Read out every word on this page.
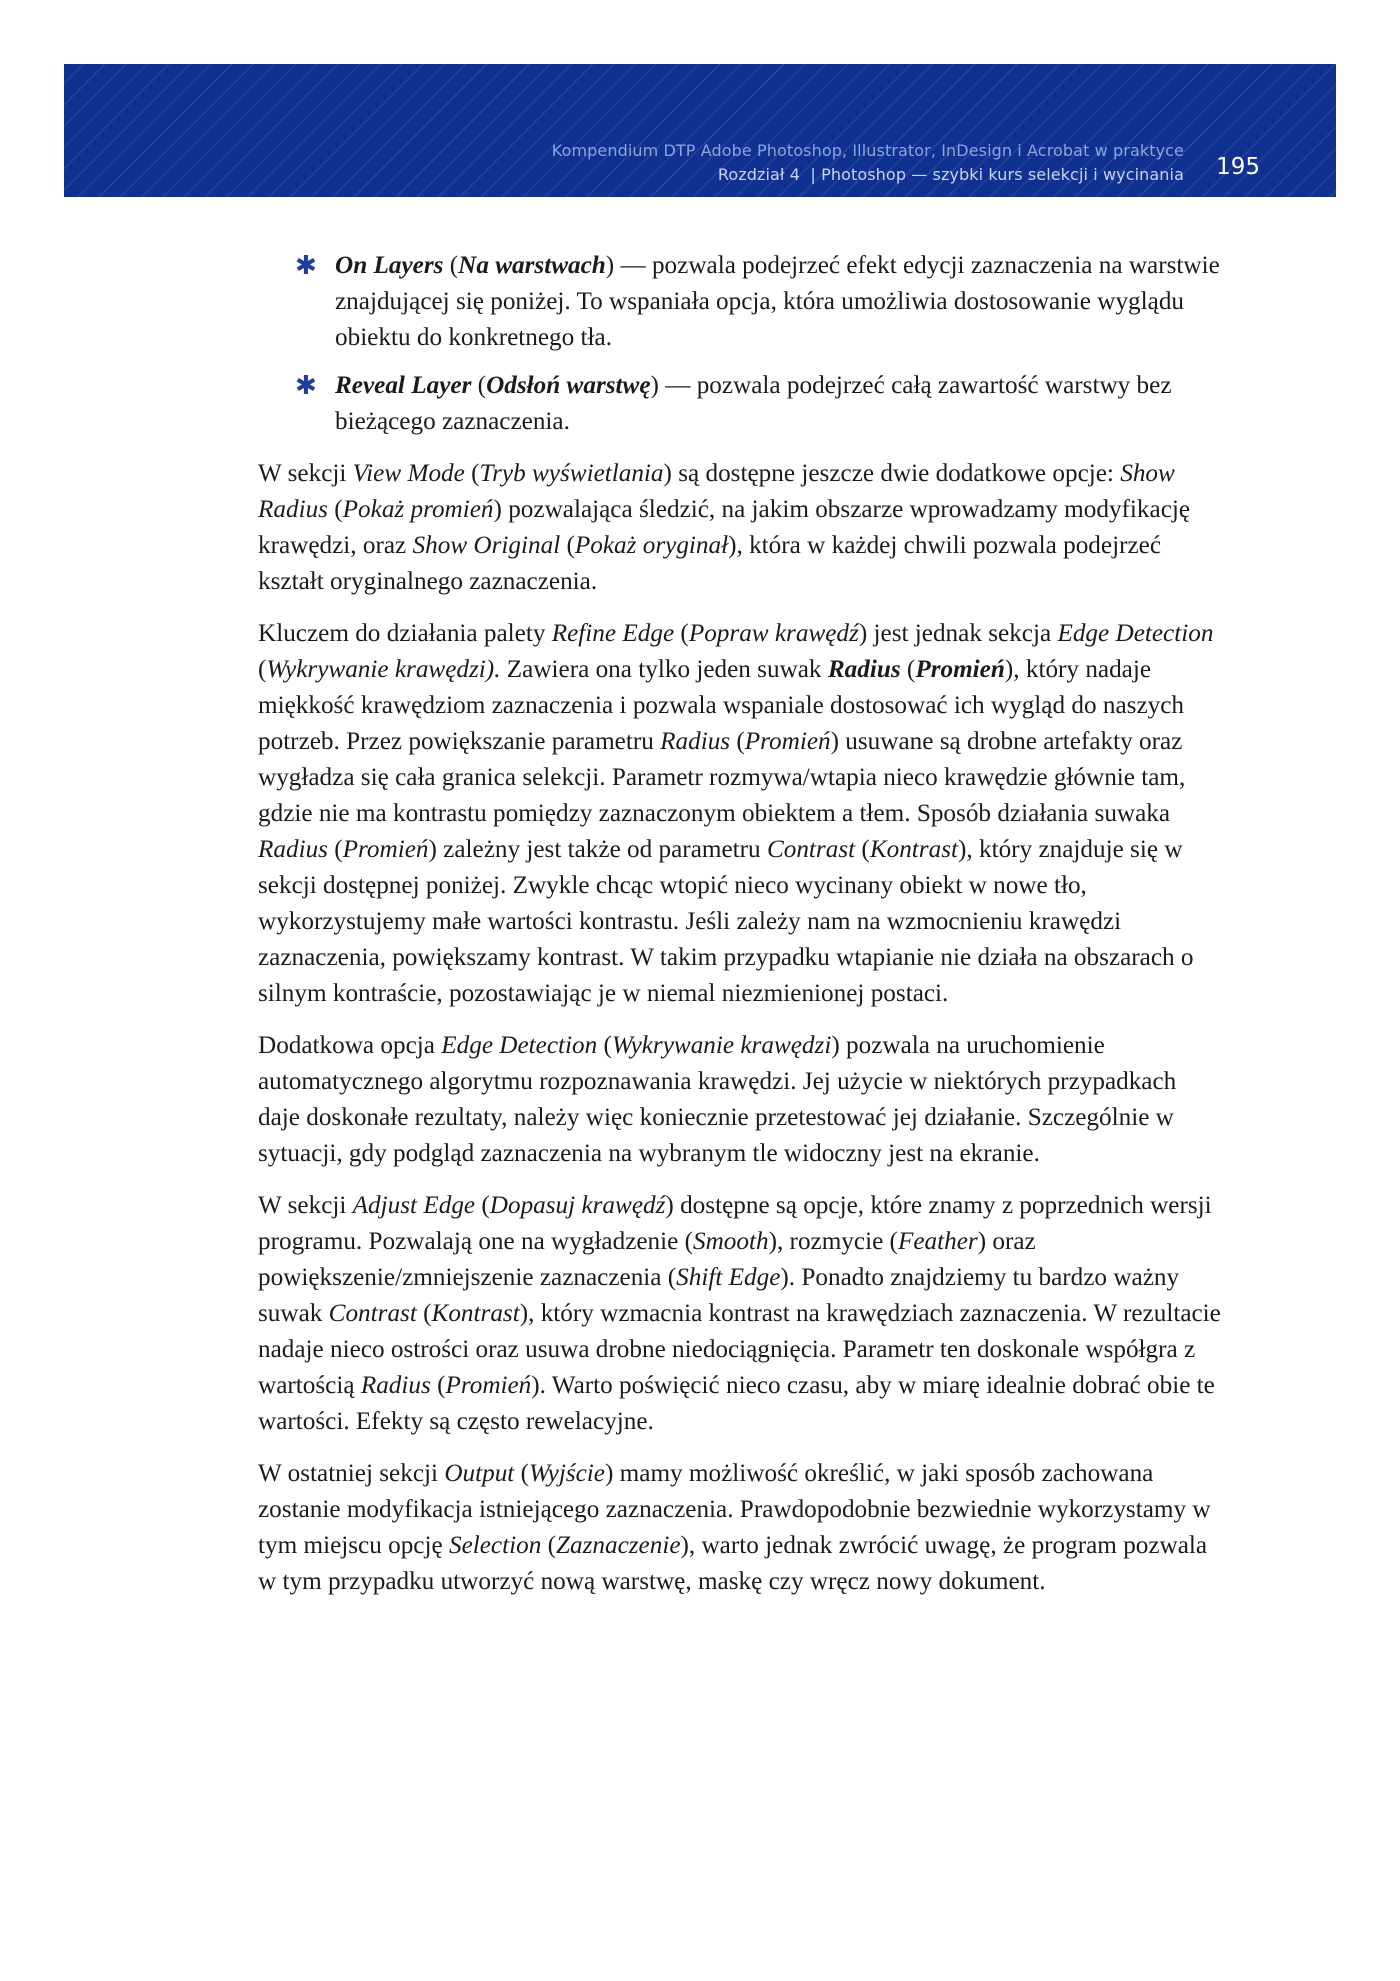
Kompendium DTP Adobe Photoshop, Illustrator, InDesign i Acrobat w praktyce
Rozdział 4 | Photoshop — szybki kurs selekcji i wycinania 195
✱ On Layers (Na warstwach) — pozwala podejrzeć efekt edycji zaznaczenia na warstwie znajdującej się poniżej. To wspaniała opcja, która umożliwia dostosowanie wyglądu obiektu do konkretnego tła.
✱ Reveal Layer (Odsłoń warstwę) — pozwala podejrzeć całą zawartość warstwy bez bieżącego zaznaczenia.

W sekcji View Mode (Tryb wyświetlania) są dostępne jeszcze dwie dodatkowe opcje: Show Radius (Pokaż promień) pozwalająca śledzić, na jakim obszarze wprowadzamy modyfikację krawędzi, oraz Show Original (Pokaż oryginał), która w każdej chwili pozwala podejrzeć kształt oryginalnego zaznaczenia.

Kluczem do działania palety Refine Edge (Popraw krawędź) jest jednak sekcja Edge Detection (Wykrywanie krawędzi). Zawiera ona tylko jeden suwak Radius (Promień), który nadaje miękkość krawędziom zaznaczenia i pozwala wspaniale dostosować ich wygląd do naszych potrzeb. Przez powiększanie parametru Radius (Promień) usuwane są drobne artefakty oraz wygładza się cała granica selekcji. Parametr rozmywa/wtapia nieco krawędzie głównie tam, gdzie nie ma kontrastu pomiędzy zaznaczonym obiektem a tłem. Sposób działania suwaka Radius (Promień) zależny jest także od parametru Contrast (Kontrast), który znajduje się w sekcji dostępnej poniżej. Zwykle chcąc wtopić nieco wycinany obiekt w nowe tło, wykorzystujemy małe wartości kontrastu. Jeśli zależy nam na wzmocnieniu krawędzi zaznaczenia, powiększamy kontrast. W takim przypadku wtapianie nie działa na obszarach o silnym kontraście, pozostawiając je w niemal niezmienionej postaci.

Dodatkowa opcja Edge Detection (Wykrywanie krawędzi) pozwala na uruchomienie automatycznego algorytmu rozpoznawania krawędzi. Jej użycie w niektórych przypadkach daje doskonałe rezultaty, należy więc koniecznie przetestować jej działanie. Szczególnie w sytuacji, gdy podgląd zaznaczenia na wybranym tle widoczny jest na ekranie.

W sekcji Adjust Edge (Dopasuj krawędź) dostępne są opcje, które znamy z poprzednich wersji programu. Pozwalają one na wygładzenie (Smooth), rozmycie (Feather) oraz powiększenie/zmniejszenie zaznaczenia (Shift Edge). Ponadto znajdziemy tu bardzo ważny suwak Contrast (Kontrast), który wzmacnia kontrast na krawędziach zaznaczenia. W rezultacie nadaje nieco ostrości oraz usuwa drobne niedociągnięcia. Parametr ten doskonale współgra z wartością Radius (Promień). Warto poświęcić nieco czasu, aby w miarę idealnie dobrać obie te wartości. Efekty są często rewelacyjne.

W ostatniej sekcji Output (Wyjście) mamy możliwość określić, w jaki sposób zachowana zostanie modyfikacja istniejącego zaznaczenia. Prawdopodobnie bezwiednie wykorzystamy w tym miejscu opcję Selection (Zaznaczenie), warto jednak zwrócić uwagę, że program pozwala w tym przypadku utworzyć nową warstwę, maskę czy wręcz nowy dokument.
